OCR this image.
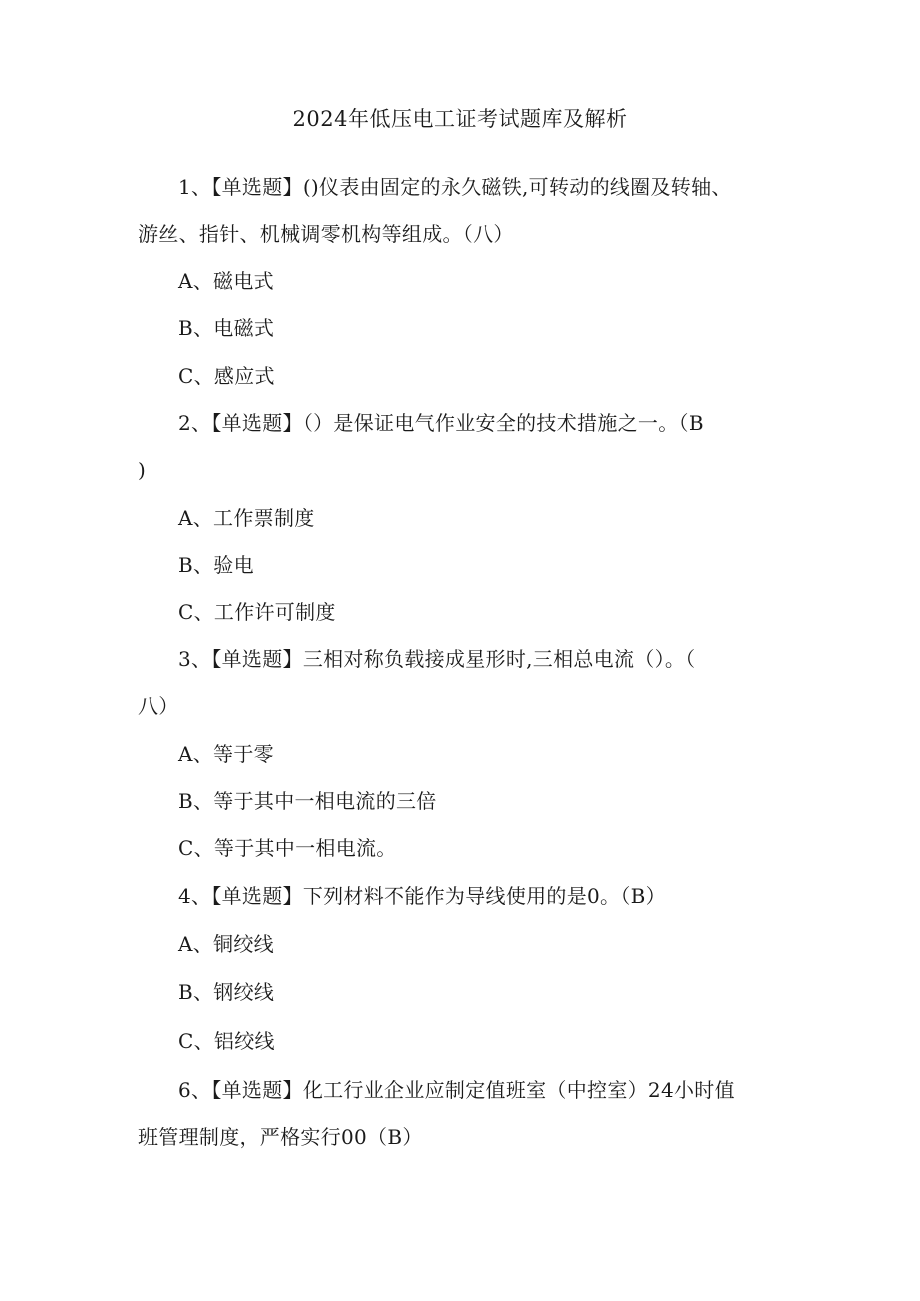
2024年低压电工证考试题库及解析
1、【单选题】()仪表由固定的永久磁铁,可转动的线圈及转轴、
游丝、指针、机械调零机构等组成。（八）
A、磁电式
B、电磁式
C、感应式
2、【单选题】（）是保证电气作业安全的技术措施之一。（B
)
A、工作票制度
B、验电
C、工作许可制度
3、【单选题】三相对称负载接成星形时,三相总电流（）。（
八）
A、等于零
B、等于其中一相电流的三倍
C、等于其中一相电流。
4、【单选题】下列材料不能作为导线使用的是0。（B）
A、铜绞线
B、钢绞线
C、铝绞线
6、【单选题】化工行业企业应制定值班室（中控室）24小时值
班管理制度，严格实行00（B）
